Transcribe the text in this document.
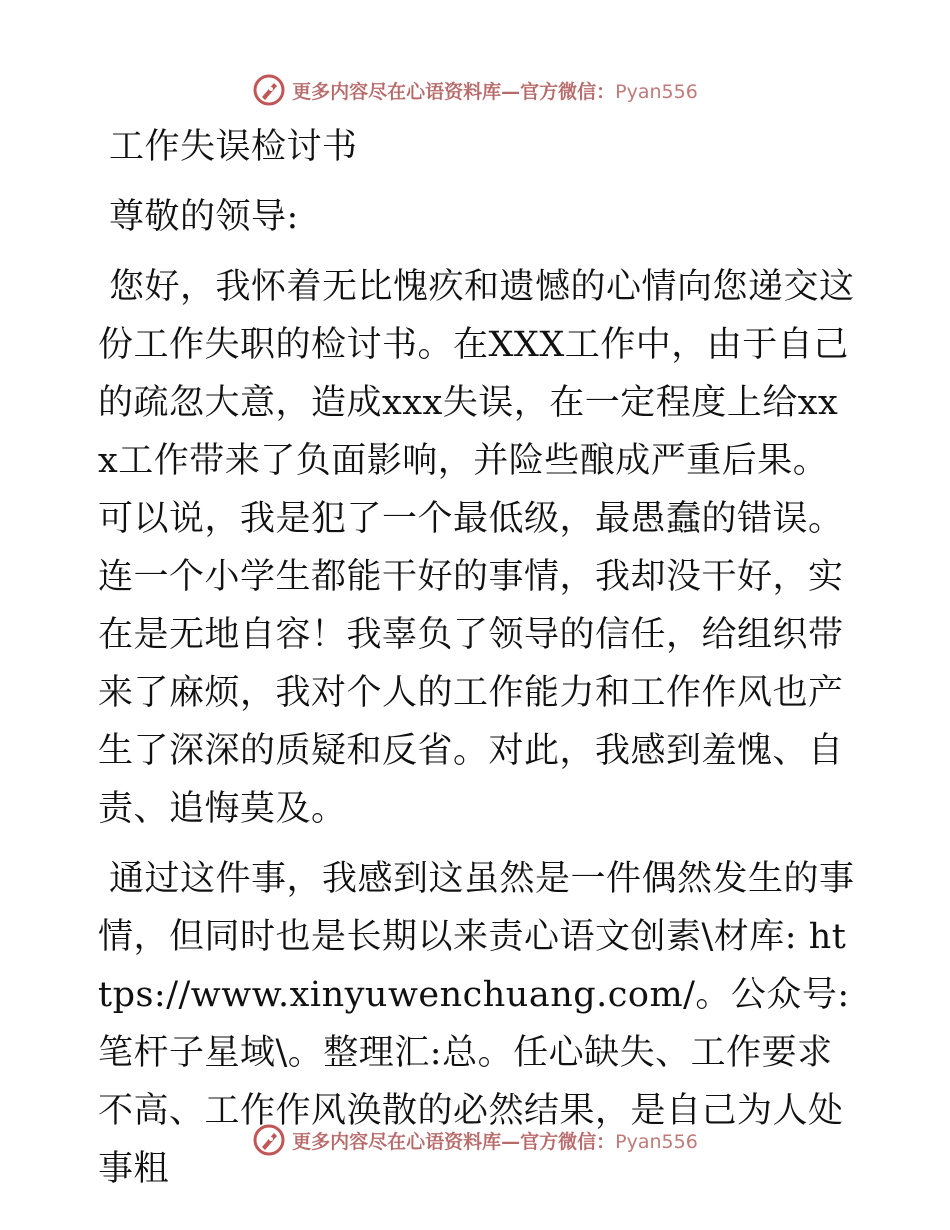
更多内容尽在心语资料库—官方微信：Pyan556

工作失误检讨书

尊敬的领导:

您好，我怀着无比愧疚和遗憾的心情向您递交这份工作失职的检讨书。在XXX工作中，由于自己的疏忽大意，造成xxx失误，在一定程度上给xxx工作带来了负面影响，并险些酿成严重后果。可以说，我是犯了一个最低级，最愚蠢的错误。连一个小学生都能干好的事情，我却没干好，实在是无地自容！我辜负了领导的信任，给组织带来了麻烦，我对个人的工作能力和工作作风也产生了深深的质疑和反省。对此，我感到羞愧、自责、追悔莫及。

通过这件事，我感到这虽然是一件偶然发生的事情，但同时也是长期以来责心语文创素\材库: https://www.xinyuwenchuang.com/。公众号: 笔杆子星域\。整理汇:总。任心缺失、工作要求不高、工作作风涣散的必然结果，是自己为人处事粗

更多内容尽在心语资料库—官方微信：Pyan556
